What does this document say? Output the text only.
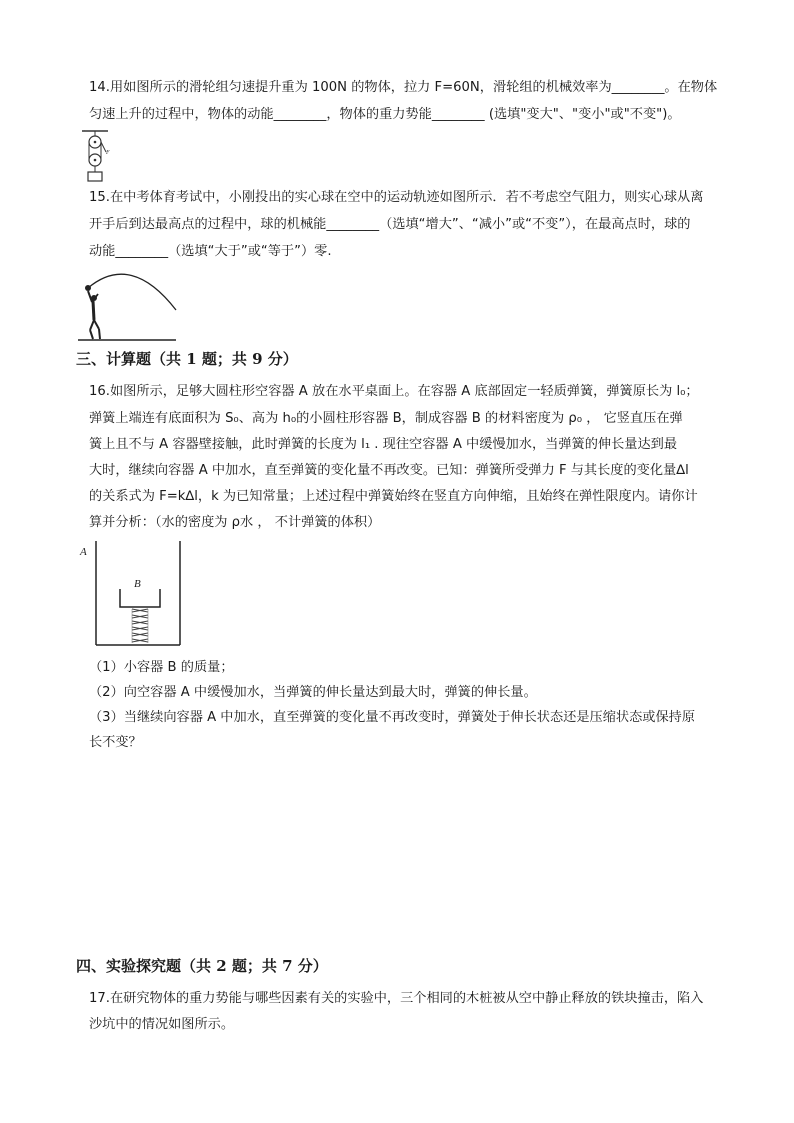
14.用如图所示的滑轮组匀速提升重为 100N 的物体，拉力 F=60N，滑轮组的机械效率为________。在物体
匀速上升的过程中，物体的动能________，物体的重力势能________ (选填"变大"、"变小"或"不变")。
F
15.在中考体育考试中，小刚投出的实心球在空中的运动轨迹如图所示．若不考虑空气阻力，则实心球从离
开手后到达最高点的过程中，球的机械能________（选填“增大”、“减小”或“不变”），在最高点时，球的
动能________（选填“大于”或“等于”）零.
三、计算题（共 1 题；共 9 分）
16.如图所示，足够大圆柱形空容器 A 放在水平桌面上。在容器 A 底部固定一轻质弹簧，弹簧原长为 l₀；
弹簧上端连有底面积为 S₀、高为 h₀的小圆柱形容器 B，制成容器 B 的材料密度为 ρ₀ ， 它竖直压在弹
簧上且不与 A 容器壁接触，此时弹簧的长度为 l₁ . 现往空容器 A 中缓慢加水，当弹簧的伸长量达到最
大时，继续向容器 A 中加水，直至弹簧的变化量不再改变。已知：弹簧所受弹力 F 与其长度的变化量∆l
的关系式为 F=k∆l，k 为已知常量；上述过程中弹簧始终在竖直方向伸缩，且始终在弹性限度内。请你计
算并分析：（水的密度为 ρ水 ， 不计弹簧的体积）
A
B
（1）小容器 B 的质量；
（2）向空容器 A 中缓慢加水，当弹簧的伸长量达到最大时，弹簧的伸长量。
（3）当继续向容器 A 中加水，直至弹簧的变化量不再改变时，弹簧处于伸长状态还是压缩状态或保持原
长不变？
四、实验探究题（共 2 题；共 7 分）
17.在研究物体的重力势能与哪些因素有关的实验中，三个相同的木桩被从空中静止释放的铁块撞击，陷入
沙坑中的情况如图所示。
